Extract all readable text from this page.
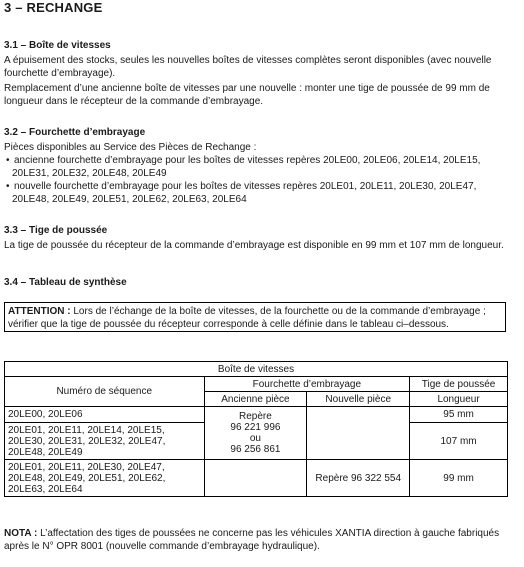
3 – RECHANGE
3.1 – Boîte de vitesses
A épuisement des stocks, seules les nouvelles boîtes de vitesses complètes seront disponibles (avec nouvelle
fourchette d’embrayage).
Remplacement d’une ancienne boîte de vitesses par une nouvelle : monter une tige de poussée de 99 mm de
longueur dans le récepteur de la commande d’embrayage.
3.2 – Fourchette d’embrayage
Pièces disponibles au Service des Pièces de Rechange :
• ancienne fourchette d’embrayage pour les boîtes de vitesses repères 20LE00, 20LE06, 20LE14, 20LE15,
20LE31, 20LE32, 20LE48, 20LE49
• nouvelle fourchette d’embrayage pour les boîtes de vitesses repères 20LE01, 20LE11, 20LE30, 20LE47,
20LE48, 20LE49, 20LE51, 20LE62, 20LE63, 20LE64
3.3 – Tige de poussée
La tige de poussée du récepteur de la commande d’embrayage est disponible en 99 mm et 107 mm de longueur.
3.4 – Tableau de synthèse
ATTENTION : Lors de l’échange de la boîte de vitesses, de la fourchette ou de la commande d’embrayage ;
vérifier que la tige de poussée du récepteur corresponde à celle définie dans le tableau ci–dessous.
Boîte de vitesses			
Numéro de séquence	Fourchette d’embrayage		Tige de poussée
	Ancienne pièce	Nouvelle pièce	Longueur
20LE00, 20LE06	Repère
96 221 996
ou
96 256 861		95 mm

20LE01, 20LE11, 20LE14, 20LE15,
20LE30, 20LE31, 20LE32, 20LE47,
20LE48, 20LE49			107 mm

20LE01, 20LE11, 20LE30, 20LE47,
20LE48, 20LE49, 20LE51, 20LE62,
20LE63, 20LE64		Repère 96 322 554	99 mm
NOTA : L’affectation des tiges de poussées ne concerne pas les véhicules XANTIA direction à gauche fabriqués
après le N° OPR 8001 (nouvelle commande d’embrayage hydraulique).
